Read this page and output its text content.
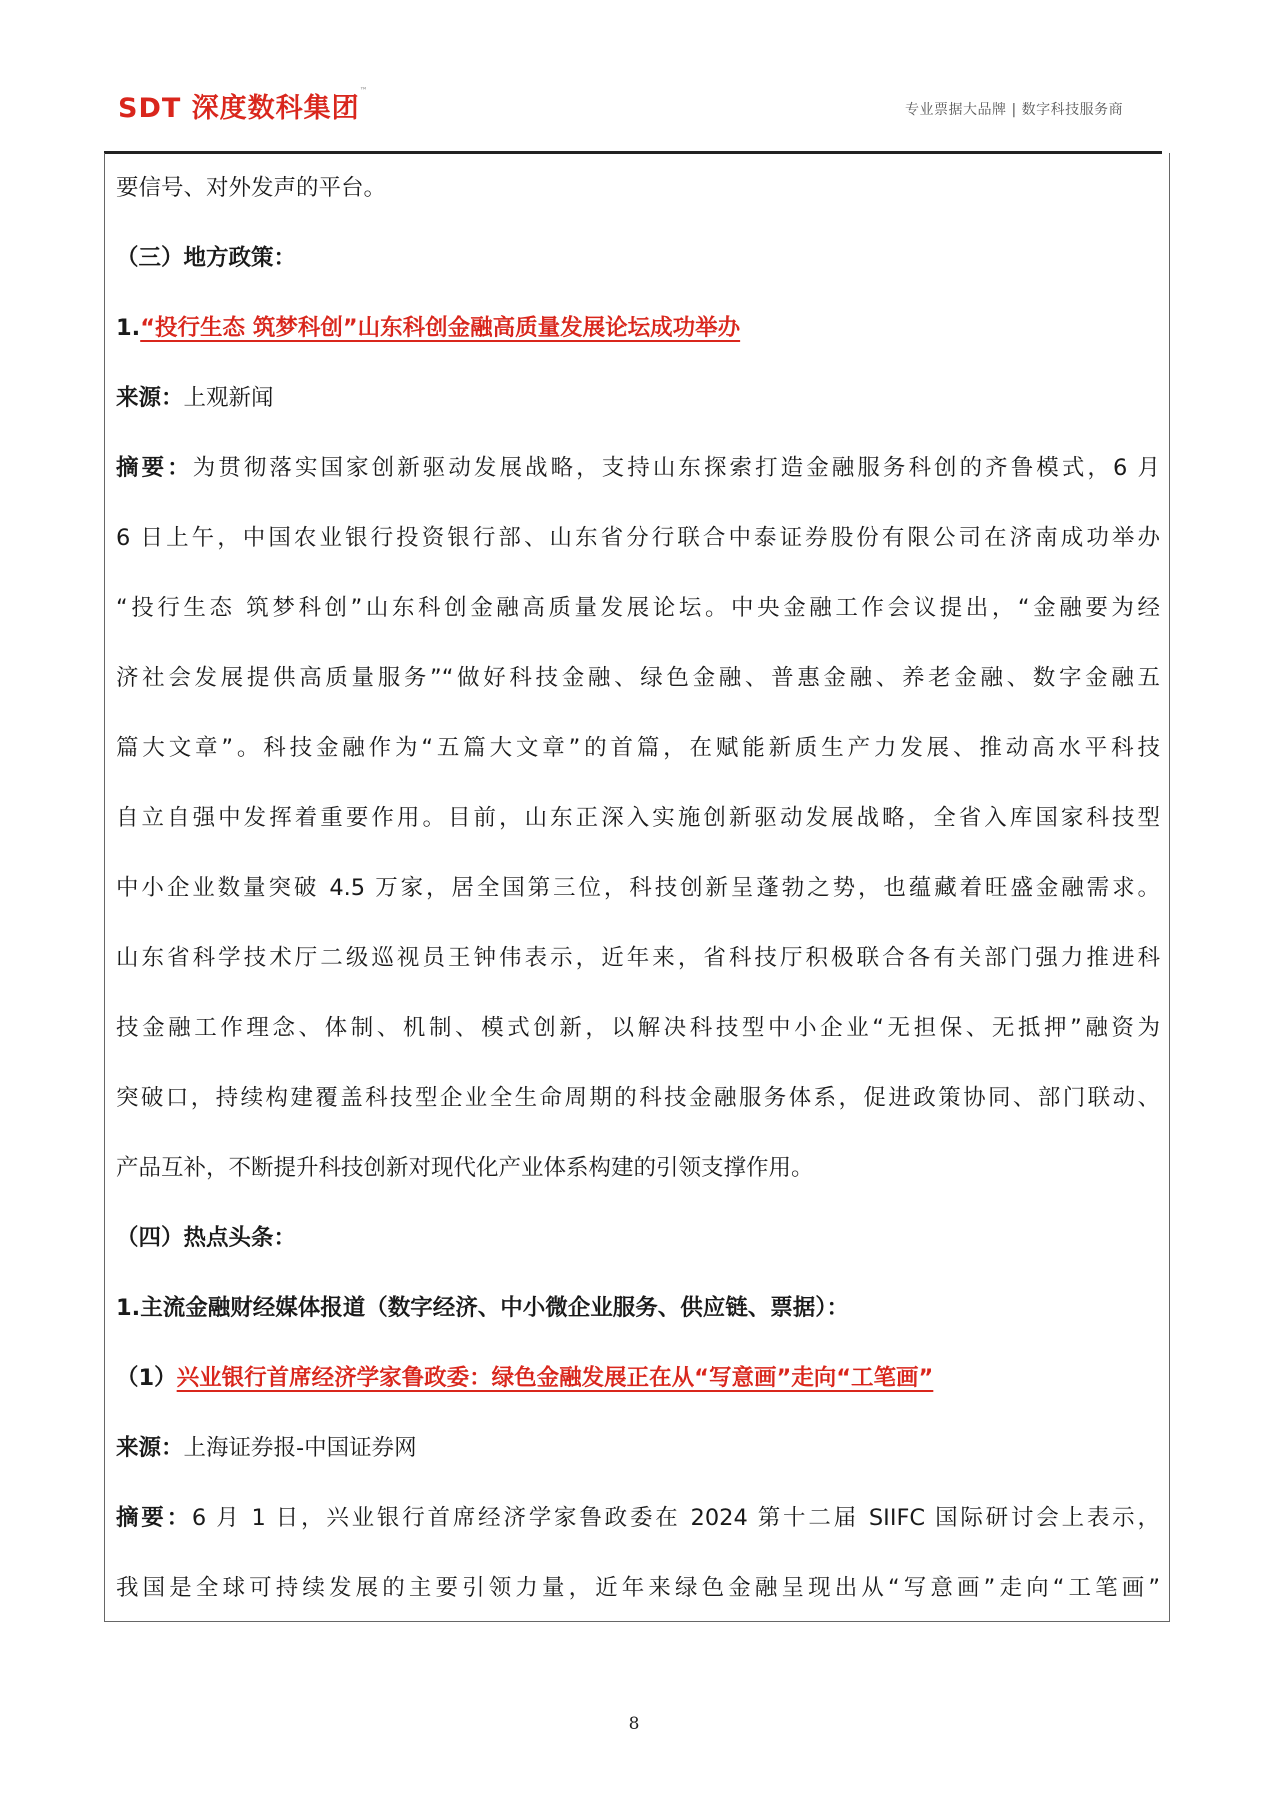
SDT 深度数科集团™
专业票据大品牌 | 数字科技服务商
要信号、对外发声的平台。
（三）地方政策：
1.“投行生态 筑梦科创”山东科创金融高质量发展论坛成功举办
来源：上观新闻
摘要：为贯彻落实国家创新驱动发展战略，支持山东探索打造金融服务科创的齐鲁模式，6 月
6 日上午，中国农业银行投资银行部、山东省分行联合中泰证券股份有限公司在济南成功举办
“投行生态 筑梦科创”山东科创金融高质量发展论坛。中央金融工作会议提出，“金融要为经
济社会发展提供高质量服务”“做好科技金融、绿色金融、普惠金融、养老金融、数字金融五
篇大文章”。科技金融作为“五篇大文章”的首篇，在赋能新质生产力发展、推动高水平科技
自立自强中发挥着重要作用。目前，山东正深入实施创新驱动发展战略，全省入库国家科技型
中小企业数量突破 4.5 万家，居全国第三位，科技创新呈蓬勃之势，也蕴藏着旺盛金融需求。
山东省科学技术厅二级巡视员王钟伟表示，近年来，省科技厅积极联合各有关部门强力推进科
技金融工作理念、体制、机制、模式创新，以解决科技型中小企业“无担保、无抵押”融资为
突破口，持续构建覆盖科技型企业全生命周期的科技金融服务体系，促进政策协同、部门联动、
产品互补，不断提升科技创新对现代化产业体系构建的引领支撑作用。
（四）热点头条：
1.主流金融财经媒体报道（数字经济、中小微企业服务、供应链、票据）：
（1）兴业银行首席经济学家鲁政委：绿色金融发展正在从“写意画”走向“工笔画”
来源：上海证券报-中国证券网
摘要：6 月 1 日，兴业银行首席经济学家鲁政委在 2024 第十二届 SIIFC 国际研讨会上表示，
我国是全球可持续发展的主要引领力量，近年来绿色金融呈现出从“写意画”走向“工笔画”
8
